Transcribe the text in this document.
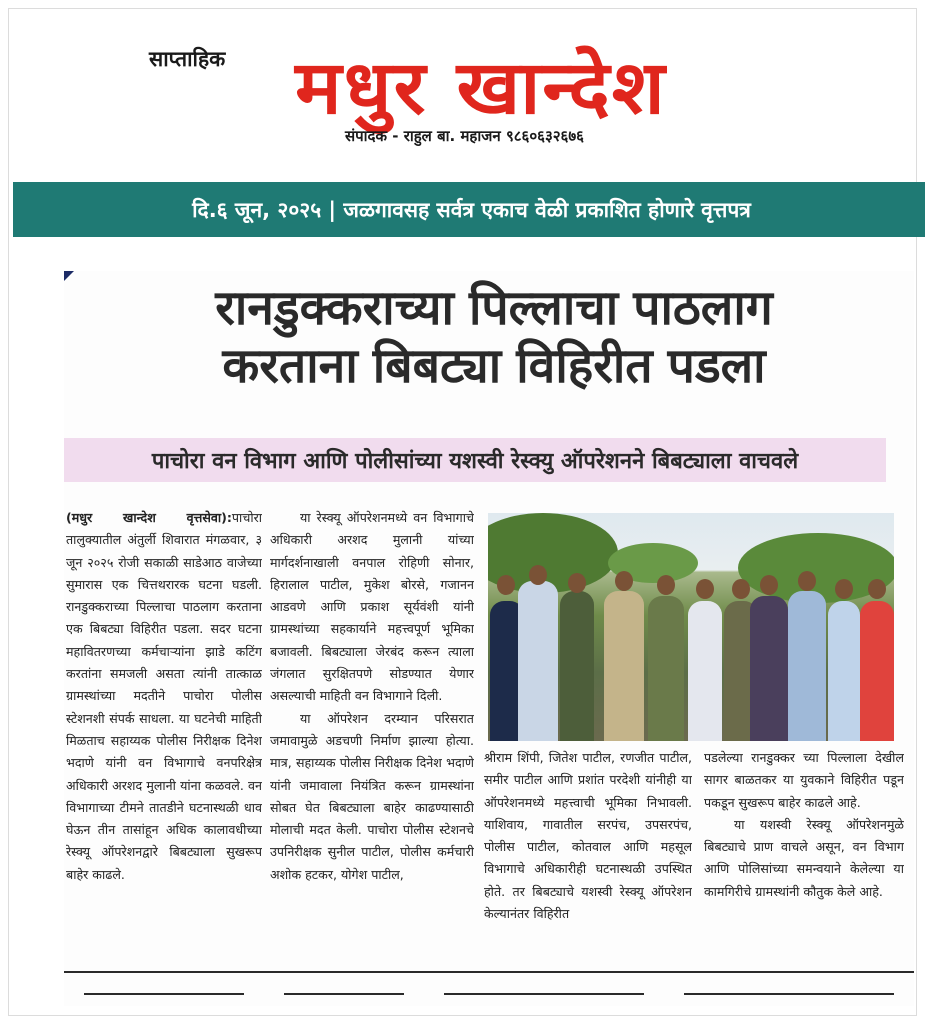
साप्ताहिक मधुर खान्देश
संपादक - राहुल बा. महाजन ९८६०६३२६७६
दि.६ जून, २०२५ | जळगावसह सर्वत्र एकाच वेळी प्रकाशित होणारे वृत्तपत्र
रानडुक्कराच्या पिल्लाचा पाठलाग
करताना बिबट्या विहिरीत पडला
पाचोरा वन विभाग आणि पोलीसांच्या यशस्वी रेस्क्यु ऑपरेशनने बिबट्याला वाचवले

(मधुर खान्देश वृत्तसेवा):पाचोरा तालुक्यातील अंतुर्ली शिवारात मंगळवार, ३ जून २०२५ रोजी सकाळी साडेआठ वाजेच्या सुमारास एक चित्तथरारक घटना घडली. रानडुक्कराच्या पिल्लाचा पाठलाग करताना एक बिबट्या विहिरीत पडला. सदर घटना महावितरणच्या कर्मचाऱ्यांना झाडे कटिंग करतांना समजली असता त्यांनी तात्काळ ग्रामस्थांच्या मदतीने पाचोरा पोलीस स्टेशनशी संपर्क साधला. या घटनेची माहिती मिळताच सहाय्यक पोलीस निरीक्षक दिनेश भदाणे यांनी वन विभागाचे वनपरिक्षेत्र अधिकारी अरशद मुलानी यांना कळवले. वन विभागाच्या टीमने तातडीने घटनास्थळी धाव घेऊन तीन तासांहून अधिक कालावधीच्या रेस्क्यू ऑपरेशनद्वारे बिबट्याला सुखरूप बाहेर काढले.

या रेस्क्यू ऑपरेशनमध्ये वन विभागाचे अधिकारी अरशद मुलानी यांच्या मार्गदर्शनाखाली वनपाल रोहिणी सोनार, हिरालाल पाटील, मुकेश बोरसे, गजानन आडवणे आणि प्रकाश सूर्यवंशी यांनी ग्रामस्थांच्या सहकार्याने महत्त्वपूर्ण भूमिका बजावली. बिबट्याला जेरबंद करून त्याला जंगलात सुरक्षितपणे सोडण्यात येणार असल्याची माहिती वन विभागाने दिली.

या ऑपरेशन दरम्यान परिसरात जमावामुळे अडचणी निर्माण झाल्या होत्या. मात्र, सहाय्यक पोलीस निरीक्षक दिनेश भदाणे यांनी जमावाला नियंत्रित करून ग्रामस्थांना सोबत घेत बिबट्याला बाहेर काढण्यासाठी मोलाची मदत केली. पाचोरा पोलीस स्टेशनचे उपनिरीक्षक सुनील पाटील, पोलीस कर्मचारी अशोक हटकर, योगेश पाटील,

श्रीराम शिंपी, जितेश पाटील, रणजीत पाटील, समीर पाटील आणि प्रशांत परदेशी यांनीही या ऑपरेशनमध्ये महत्त्वाची भूमिका निभावली. याशिवाय, गावातील सरपंच, उपसरपंच, पोलीस पाटील, कोतवाल आणि महसूल विभागाचे अधिकारीही घटनास्थळी उपस्थित होते. तर बिबट्याचे यशस्वी रेस्क्यू ऑपरेशन केल्यानंतर विहिरीत

पडलेल्या रानडुक्कर च्या पिल्लाला देखील सागर बाळतकर या युवकाने विहिरीत पडून पकडून सुखरूप बाहेर काढले आहे.

या यशस्वी रेस्क्यू ऑपरेशनमुळे बिबट्याचे प्राण वाचले असून, वन विभाग आणि पोलिसांच्या समन्वयाने केलेल्या या कामगिरीचे ग्रामस्थांनी कौतुक केले आहे.
